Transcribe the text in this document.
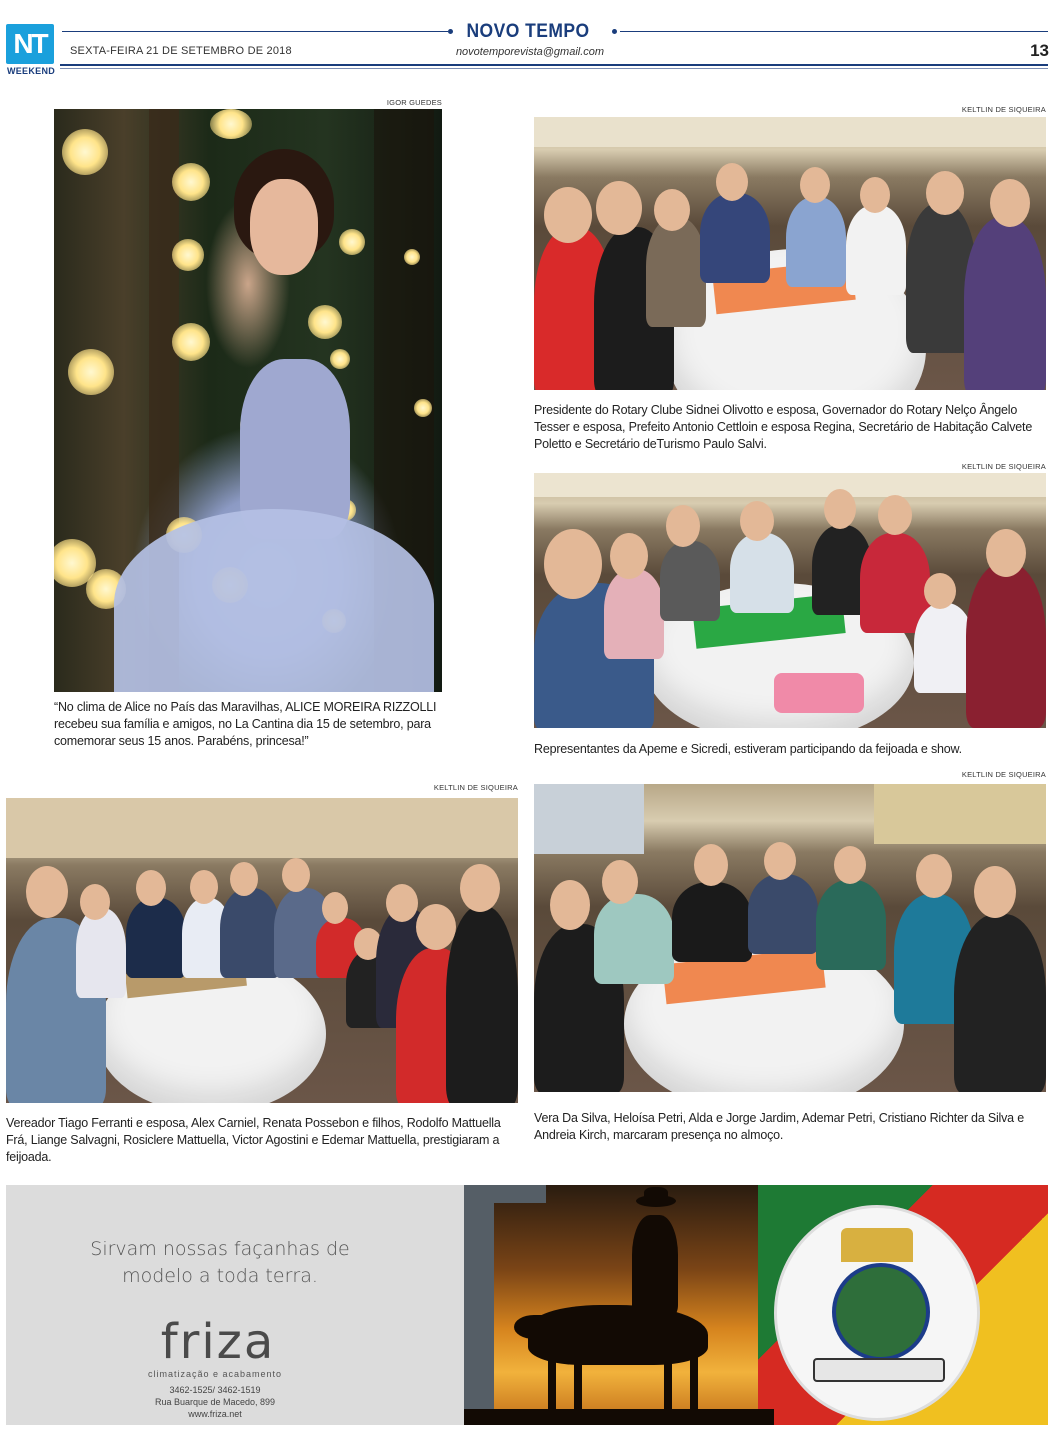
NT
WEEKEND
NOVO TEMPO
SEXTA-FEIRA 21 DE SETEMBRO DE 2018	novotemporevista@gmail.com	13
IGOR GUEDES
“No clima de Alice no País das Maravilhas, ALICE MOREIRA RIZZOLLI recebeu sua família e amigos, no La Cantina dia 15 de setembro, para comemorar seus 15 anos. Parabéns, princesa!”
KELTLIN DE SIQUEIRA
Presidente do Rotary Clube Sidnei Olivotto e esposa, Governador do Rotary Nelço Ângelo Tesser e esposa, Prefeito Antonio Cettloin e esposa Regina, Secretário de Habitação Calvete Poletto e Secretário deTurismo Paulo Salvi.
KELTLIN DE SIQUEIRA
Representantes da Apeme e Sicredi, estiveram participando da feijoada e show.
KELTLIN DE SIQUEIRA
Vereador Tiago Ferranti e esposa, Alex Carniel, Renata Possebon e filhos, Rodolfo Mattuella Frá, Liange Salvagni, Rosiclere Mattuella, Victor Agostini e Edemar Mattuella, prestigiaram a feijoada.
KELTLIN DE SIQUEIRA
Vera Da Silva, Heloísa Petri, Alda e Jorge Jardim, Ademar Petri, Cristiano Richter da Silva e Andreia Kirch, marcaram presença no almoço.
Sirvam nossas façanhas de
modelo a toda terra.
friza
climatização e acabamento
3462-1525/ 3462-1519
Rua Buarque de Macedo, 899
www.friza.net
